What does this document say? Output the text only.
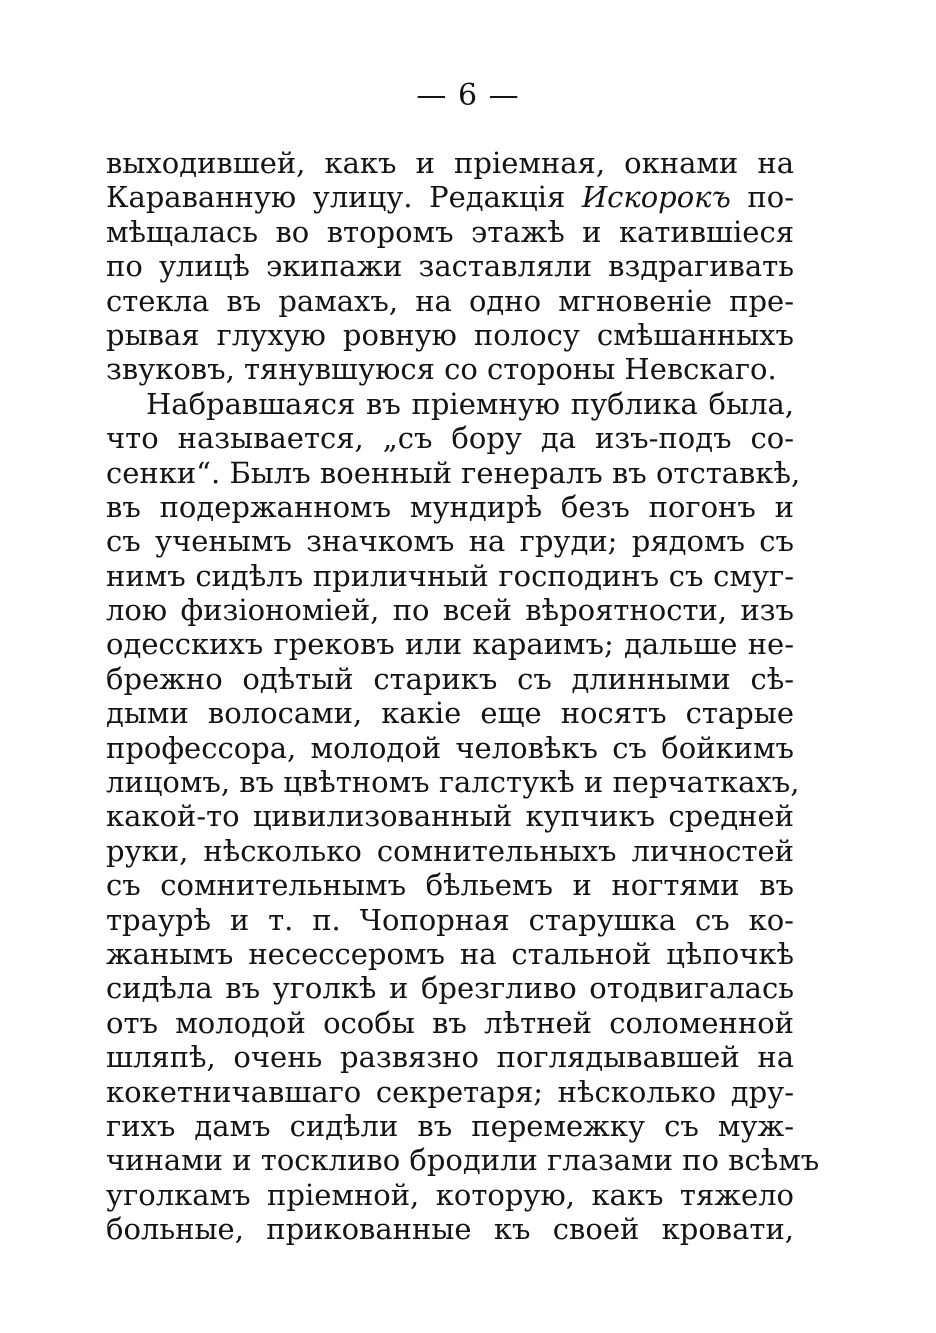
— 6 —
выходившей, какъ и пріемная, окнами на
Караванную улицу. Редакція Искорокъ по-
мѣщалась во второмъ этажѣ и катившіеся
по улицѣ экипажи заставляли вздрагивать
стекла въ рамахъ, на одно мгновеніе пре-
рывая глухую ровную полосу смѣшанныхъ
звуковъ, тянувшуюся со стороны Невскаго.
Набравшаяся въ пріемную публика была,
что называется, „съ бору да изъ-подъ со-
сенки“. Былъ военный генералъ въ отставкѣ,
въ подержанномъ мундирѣ безъ погонъ и
съ ученымъ значкомъ на груди; рядомъ съ
нимъ сидѣлъ приличный господинъ съ смуг-
лою физіономіей, по всей вѣроятности, изъ
одесскихъ грековъ или караимъ; дальше не-
брежно одѣтый старикъ съ длинными сѣ-
дыми волосами, какіе еще носятъ старые
профессора, молодой человѣкъ съ бойкимъ
лицомъ, въ цвѣтномъ галстукѣ и перчаткахъ,
какой-то цивилизованный купчикъ средней
руки, нѣсколько сомнительныхъ личностей
съ сомнительнымъ бѣльемъ и ногтями въ
траурѣ и т. п. Чопорная старушка съ ко-
жанымъ несессеромъ на стальной цѣпочкѣ
сидѣла въ уголкѣ и брезгливо отодвигалась
отъ молодой особы въ лѣтней соломенной
шляпѣ, очень развязно поглядывавшей на
кокетничавшаго секретаря; нѣсколько дру-
гихъ дамъ сидѣли въ перемежку съ муж-
чинами и тоскливо бродили глазами по всѣмъ
уголкамъ пріемной, которую, какъ тяжело
больные, прикованные къ своей кровати,
